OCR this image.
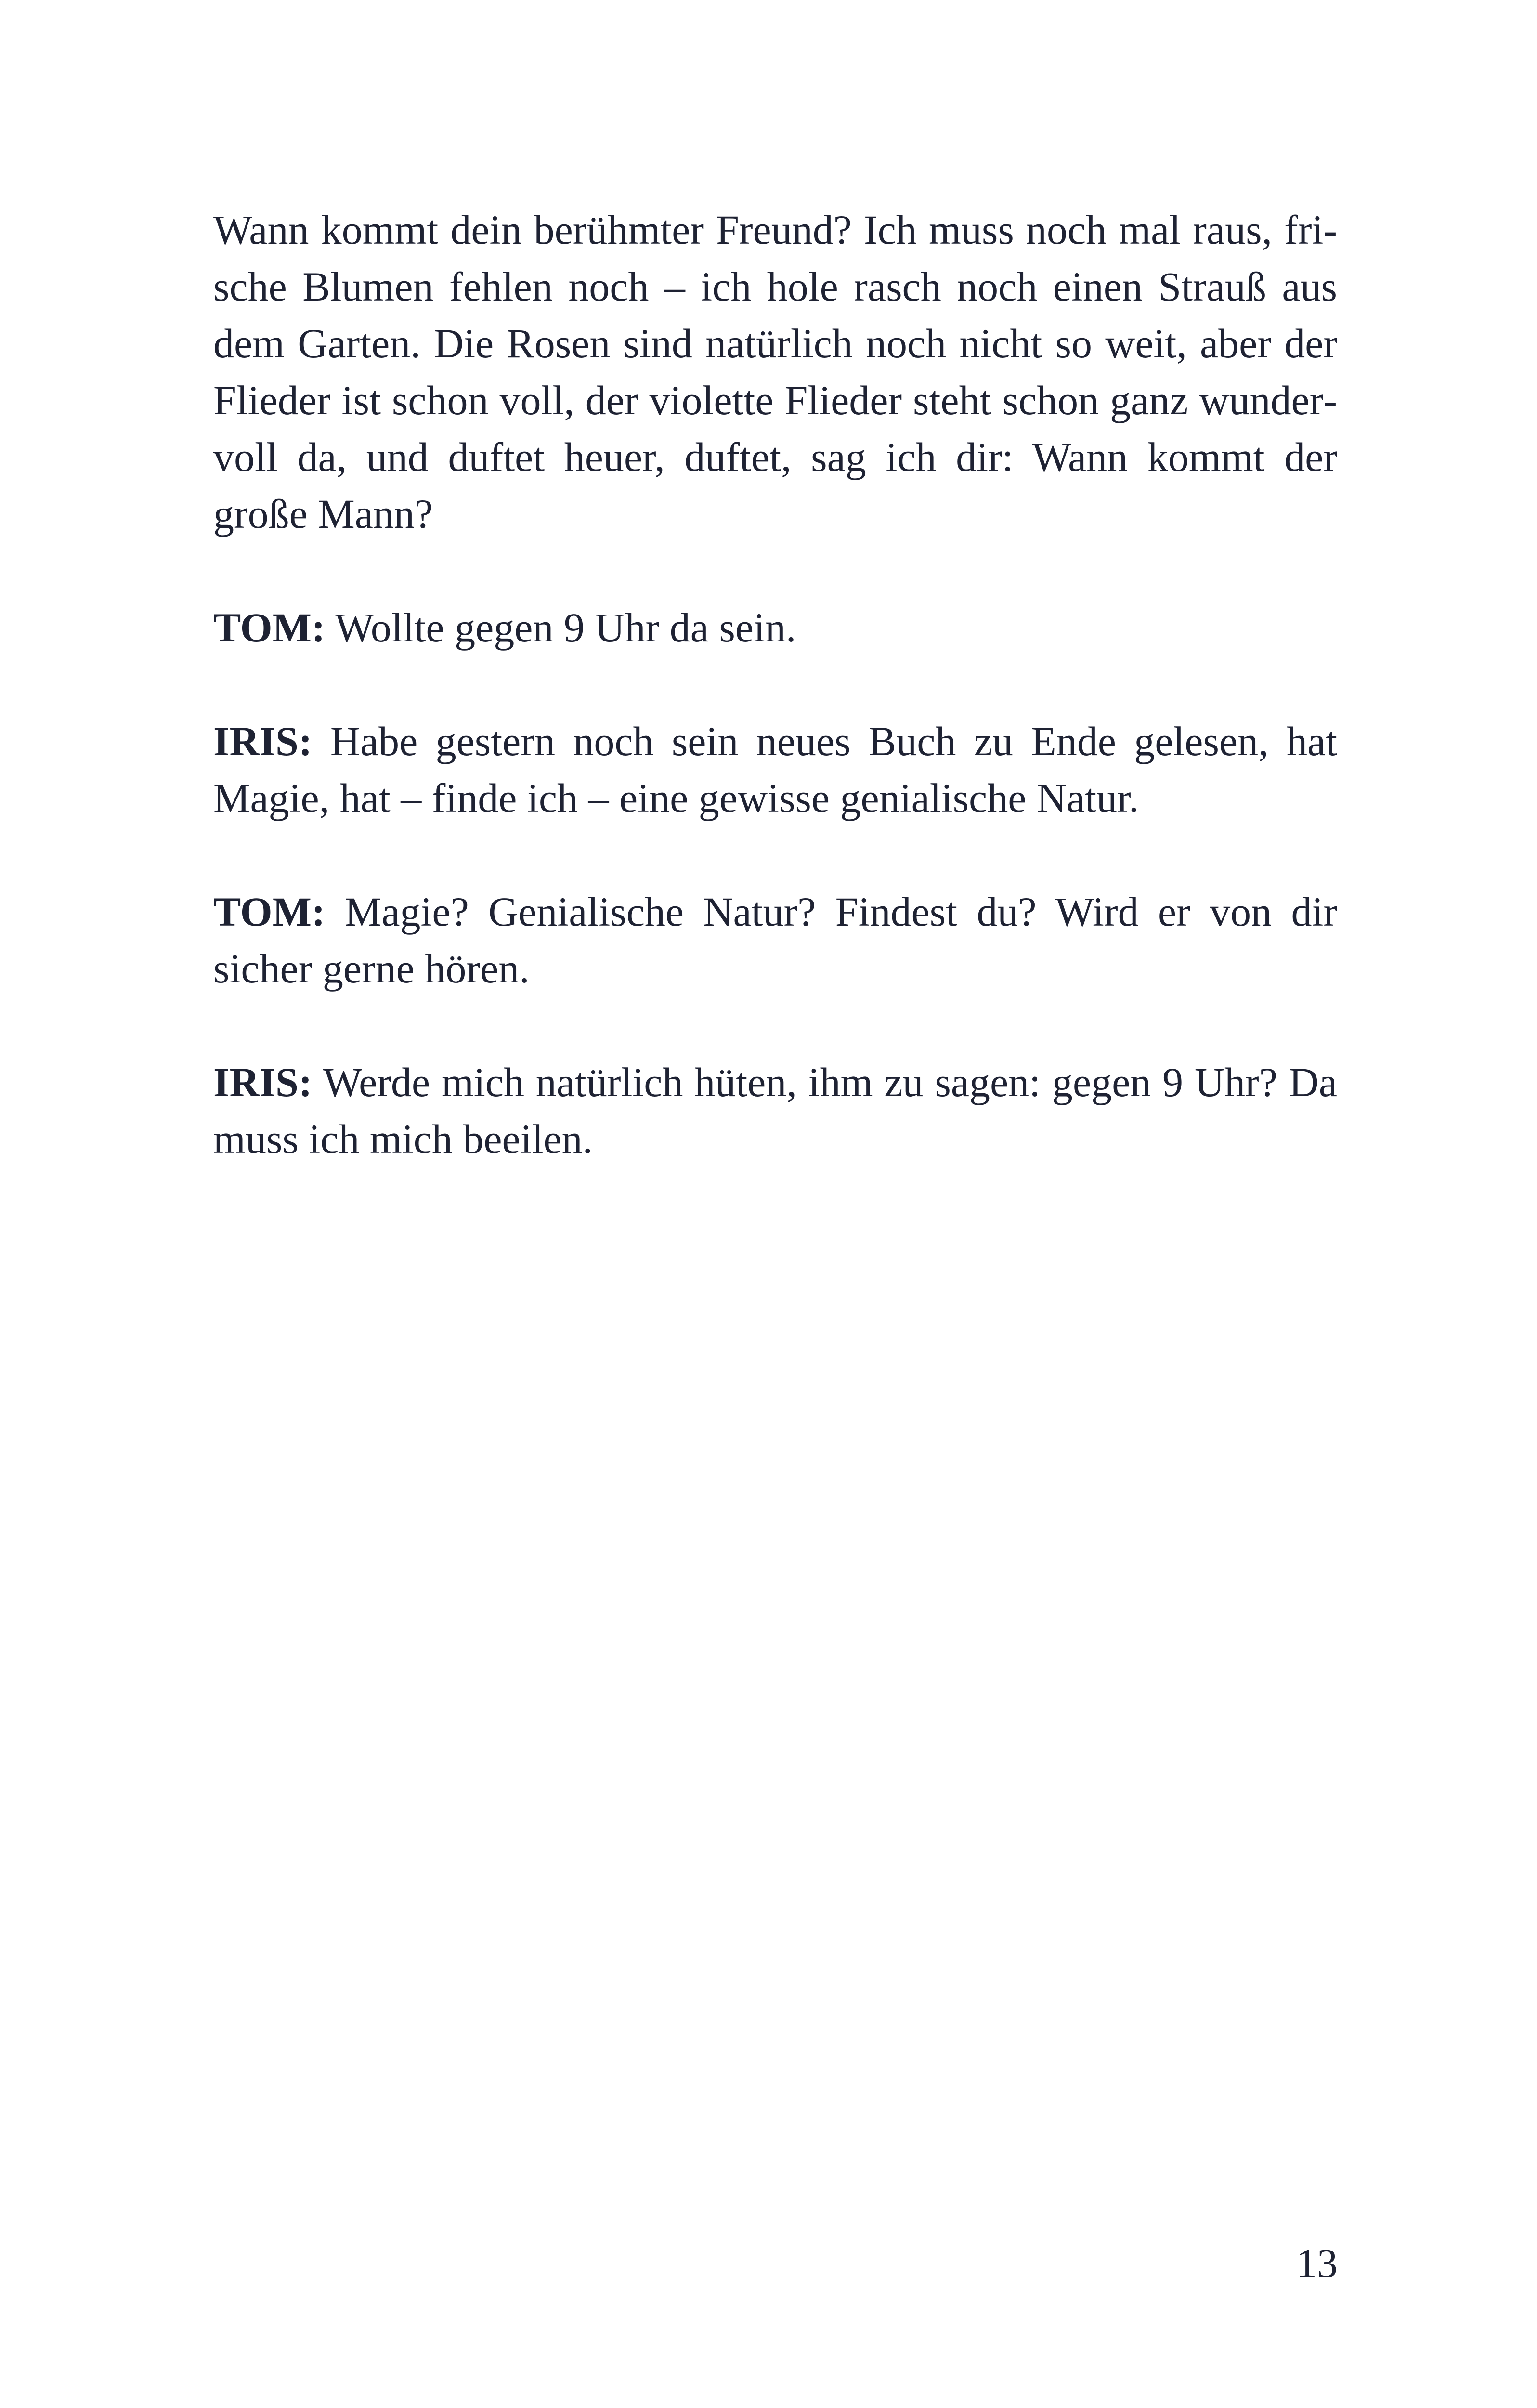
Wann kommt dein berühmter Freund? Ich muss noch mal raus, frische Blumen fehlen noch – ich hole rasch noch einen Strauß aus dem Garten. Die Rosen sind natürlich noch nicht so weit, aber der Flieder ist schon voll, der violette Flieder steht schon ganz wundervoll da, und duftet heuer, duftet, sag ich dir: Wann kommt der große Mann?

TOM: Wollte gegen 9 Uhr da sein.

IRIS: Habe gestern noch sein neues Buch zu Ende gelesen, hat Magie, hat – finde ich – eine gewisse genialische Natur.

TOM: Magie? Genialische Natur? Findest du? Wird er von dir sicher gerne hören.

IRIS: Werde mich natürlich hüten, ihm zu sagen: gegen 9 Uhr? Da muss ich mich beeilen.

13
